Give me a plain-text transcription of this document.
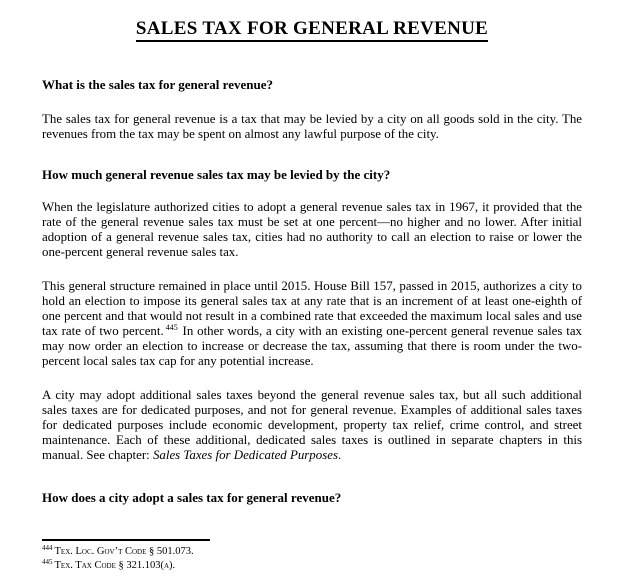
SALES TAX FOR GENERAL REVENUE
What is the sales tax for general revenue?

The sales tax for general revenue is a tax that may be levied by a city on all goods sold in the city. The revenues from the tax may be spent on almost any lawful purpose of the city.

How much general revenue sales tax may be levied by the city?

When the legislature authorized cities to adopt a general revenue sales tax in 1967, it provided that the rate of the general revenue sales tax must be set at one percent—no higher and no lower. After initial adoption of a general revenue sales tax, cities had no authority to call an election to raise or lower the one-percent general revenue sales tax.

This general structure remained in place until 2015. House Bill 157, passed in 2015, authorizes a city to hold an election to impose its general sales tax at any rate that is an increment of at least one-eighth of one percent and that would not result in a combined rate that exceeded the maximum local sales and use tax rate of two percent. $^{445}$ In other words, a city with an existing one-percent general revenue sales tax may now order an election to increase or decrease the tax, assuming that there is room under the two-percent local sales tax cap for any potential increase.

A city may adopt additional sales taxes beyond the general revenue sales tax, but all such additional sales taxes are for dedicated purposes, and not for general revenue. Examples of additional sales taxes for dedicated purposes include economic development, property tax relief, crime control, and street maintenance. Each of these additional, dedicated sales taxes is outlined in separate chapters in this manual. See chapter: Sales Taxes for Dedicated Purposes.

How does a city adopt a sales tax for general revenue?
$^{444}$ Tex. Loc. Gov’t Code § 501.073.
$^{445}$ Tex. Tax Code § 321.103(a).
